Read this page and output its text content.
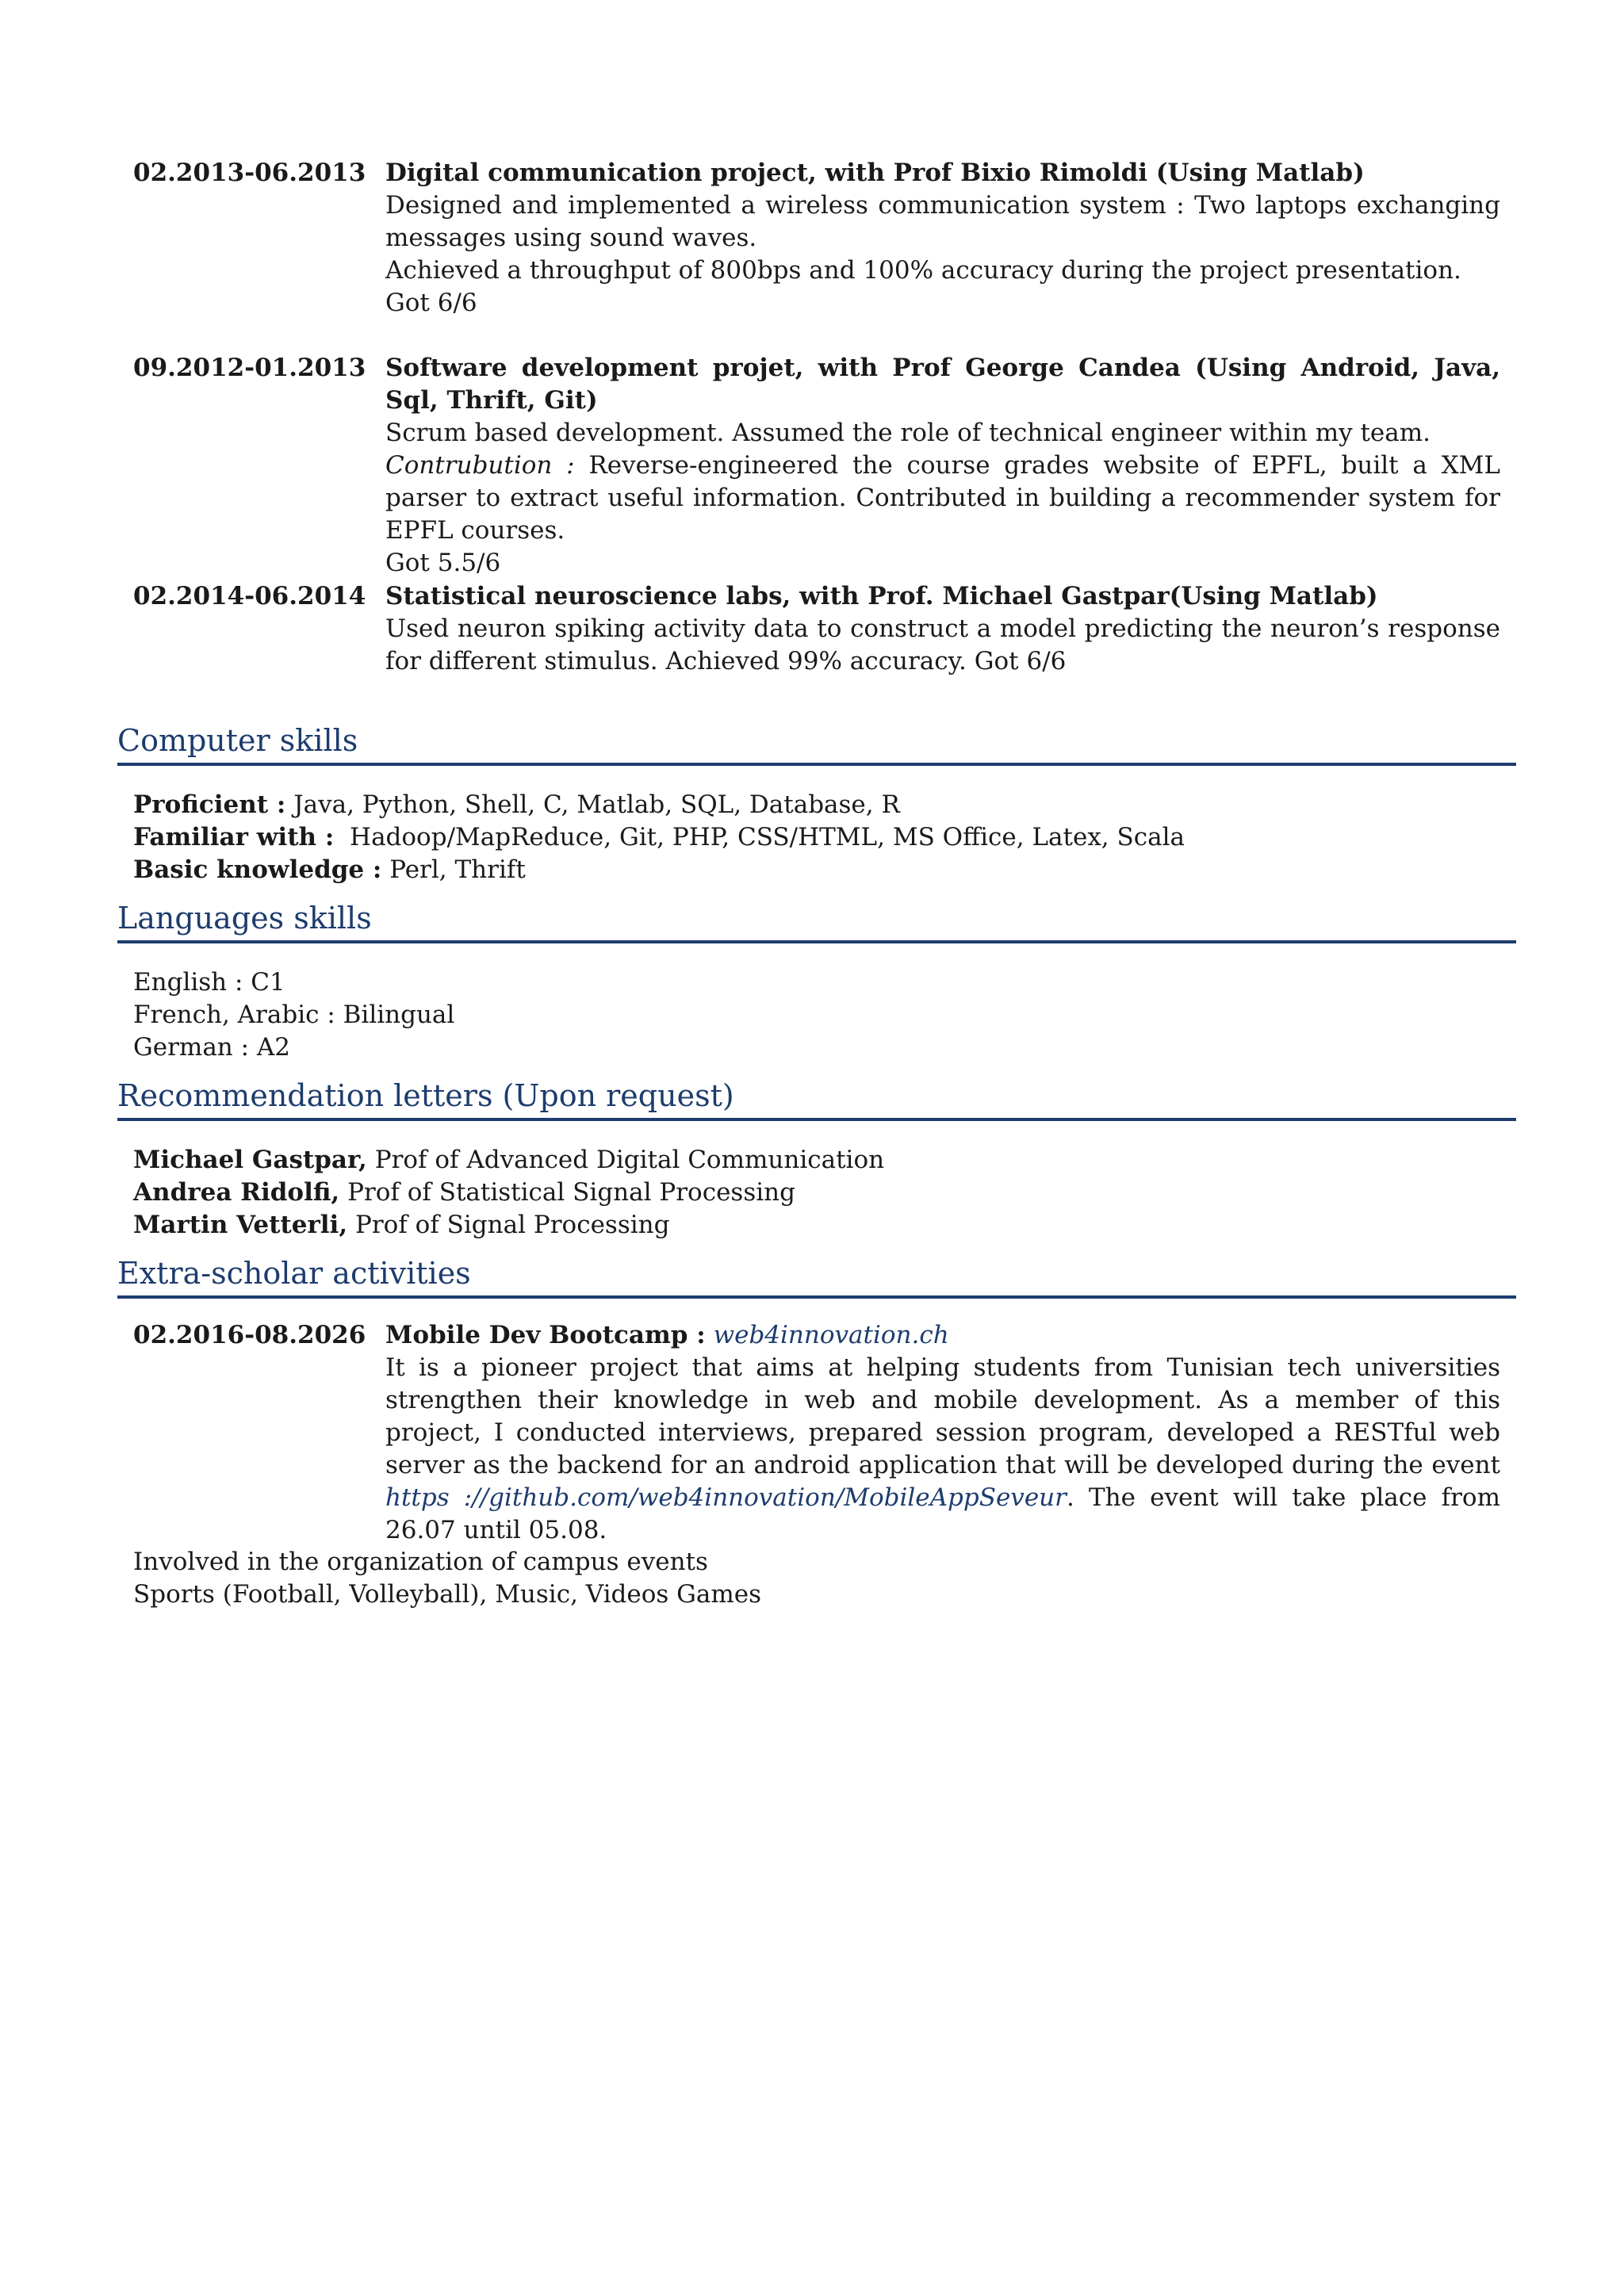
02.2013-06.2013 Digital communication project, with Prof Bixio Rimoldi (Using Matlab)
Designed and implemented a wireless communication system : Two laptops exchanging messages using sound waves.
Achieved a throughput of 800bps and 100% accuracy during the project presentation.
Got 6/6
09.2012-01.2013 Software development projet, with Prof George Candea (Using Android, Java, Sql, Thrift, Git)
Scrum based development. Assumed the role of technical engineer within my team.
Contrubution : Reverse-engineered the course grades website of EPFL, built a XML parser to extract useful information. Contributed in building a recommender system for EPFL courses.
Got 5.5/6
02.2014-06.2014 Statistical neuroscience labs, with Prof. Michael Gastpar(Using Matlab)
Used neuron spiking activity data to construct a model predicting the neuron’s response for different stimulus. Achieved 99% accuracy. Got 6/6
Computer skills
Proficient : Java, Python, Shell, C, Matlab, SQL, Database, R
Familiar with : Hadoop/MapReduce, Git, PHP, CSS/HTML, MS Office, Latex, Scala
Basic knowledge : Perl, Thrift
Languages skills
English : C1
French, Arabic : Bilingual
German : A2
Recommendation letters (Upon request)
Michael Gastpar, Prof of Advanced Digital Communication
Andrea Ridolfi, Prof of Statistical Signal Processing
Martin Vetterli, Prof of Signal Processing
Extra-scholar activities
02.2016-08.2026 Mobile Dev Bootcamp : web4innovation.ch
It is a pioneer project that aims at helping students from Tunisian tech universities strengthen their knowledge in web and mobile development. As a member of this project, I conducted interviews, prepared session program, developed a RESTful web server as the backend for an android application that will be developed during the event https ://github.com/web4innovation/MobileAppSeveur. The event will take place from 26.07 until 05.08.
Involved in the organization of campus events
Sports (Football, Volleyball), Music, Videos Games
